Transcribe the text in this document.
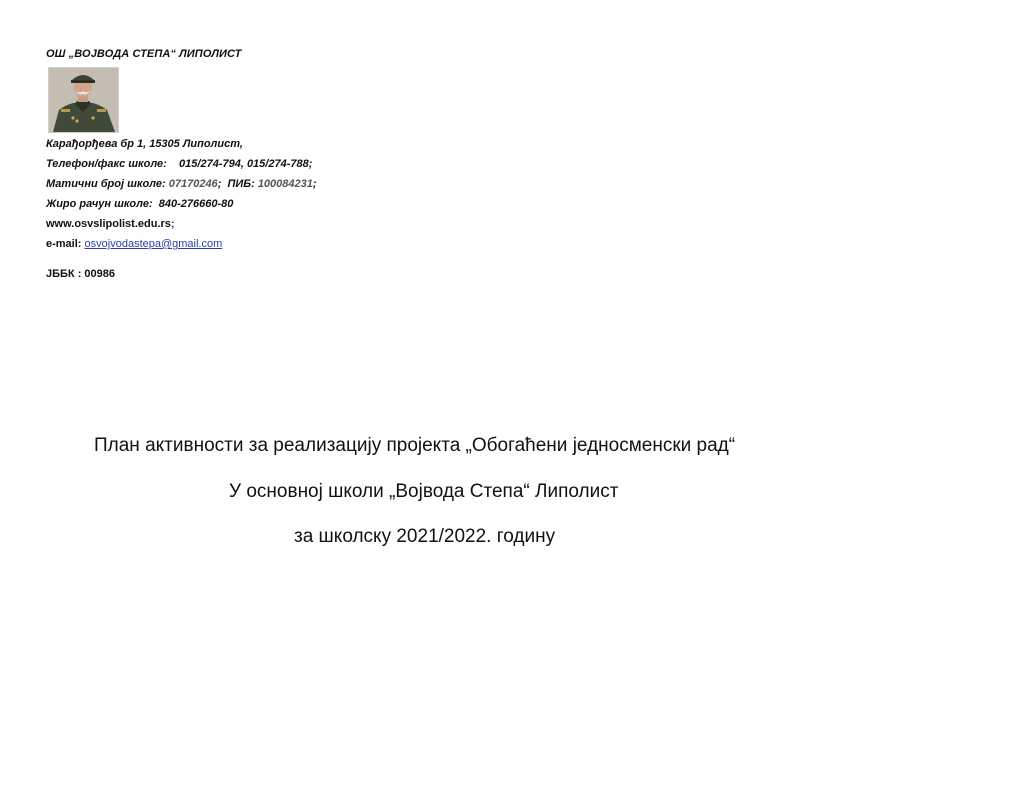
ОШ „ВОЈВОДА СТЕПА“ ЛИПОЛИСТ

Карађорђева бр 1, 15305 Липолист,
Телефон/факс школе: 015/274-794, 015/274-788;
Матични број школе: 07170246;  ПИБ: 100084231;
Жиро рачун школе: 840-276660-80
www.osvslipolist.edu.rs;
e-mail: osvojvodastepa@gmail.com
ЈББК : 00986
План активности за реализацију пројекта „Обогаћени једносменски рад“
У основној школи „Војвода Степа“ Липолист
за школску 2021/2022. годину
